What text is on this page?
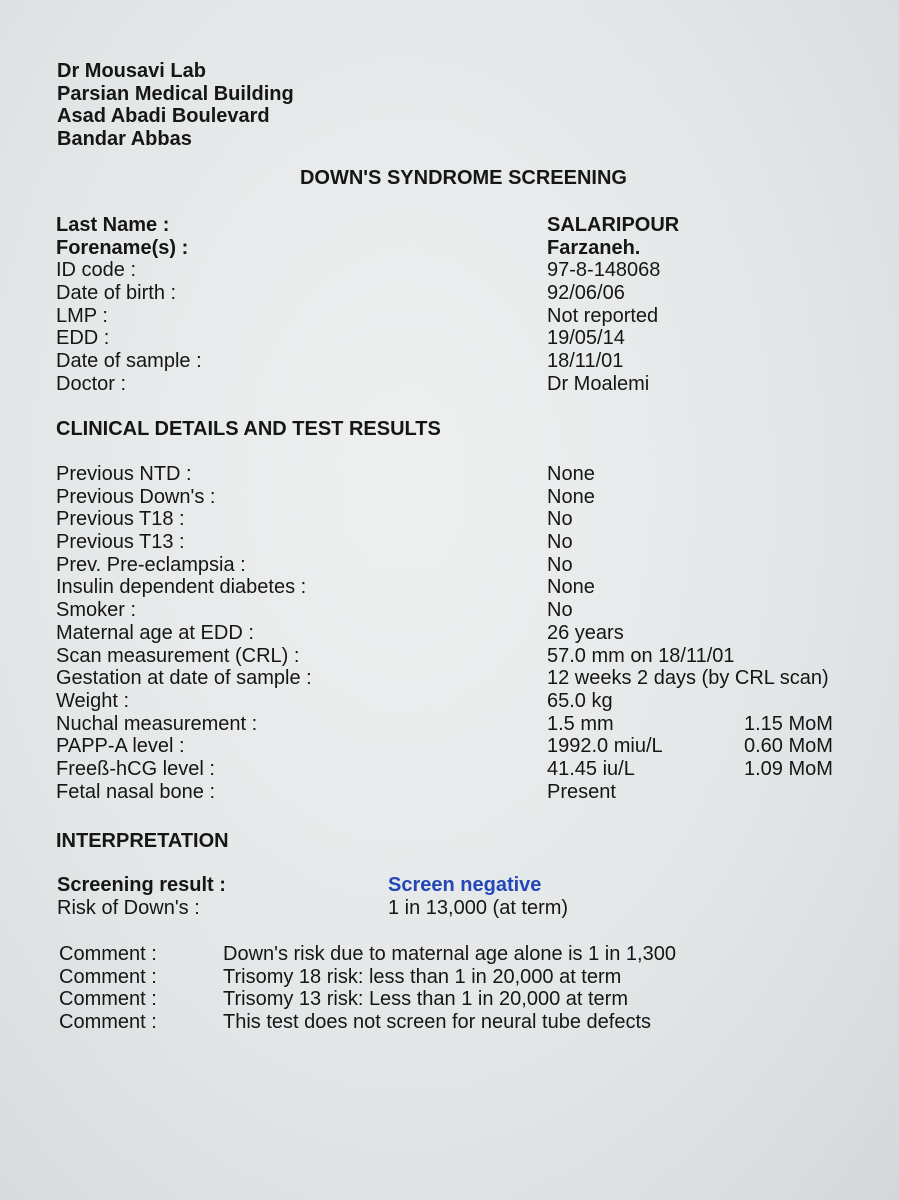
Dr Mousavi Lab
Parsian Medical Building
Asad Abadi Boulevard
Bandar Abbas
DOWN'S SYNDROME SCREENING
Last Name :	SALARIPOUR
Forename(s) :	Farzaneh.
ID code :	97-8-148068
Date of birth :	92/06/06
LMP :	Not reported
EDD :	19/05/14
Date of sample :	18/11/01
Doctor :	Dr Moalemi
CLINICAL DETAILS AND TEST RESULTS
Previous NTD :	None
Previous Down's :	None
Previous T18 :	No
Previous T13 :	No
Prev. Pre-eclampsia :	No
Insulin dependent diabetes :	None
Smoker :	No
Maternal age at EDD :	26 years
Scan measurement (CRL) :	57.0 mm on 18/11/01
Gestation at date of sample :	12 weeks 2 days (by CRL scan)
Weight :	65.0 kg
Nuchal measurement :	1.5 mm	1.15 MoM
PAPP-A level :	1992.0 miu/L	0.60 MoM
Freeß-hCG level :	41.45 iu/L	1.09 MoM
Fetal nasal bone :	Present
INTERPRETATION
Screening result :	Screen negative
Risk of Down's :	1 in 13,000 (at term)
Comment :	Down's risk due to maternal age alone is 1 in 1,300
Comment :	Trisomy 18 risk: less than 1 in 20,000 at term
Comment :	Trisomy 13 risk: Less than 1 in 20,000 at term
Comment :	This test does not screen for neural tube defects
